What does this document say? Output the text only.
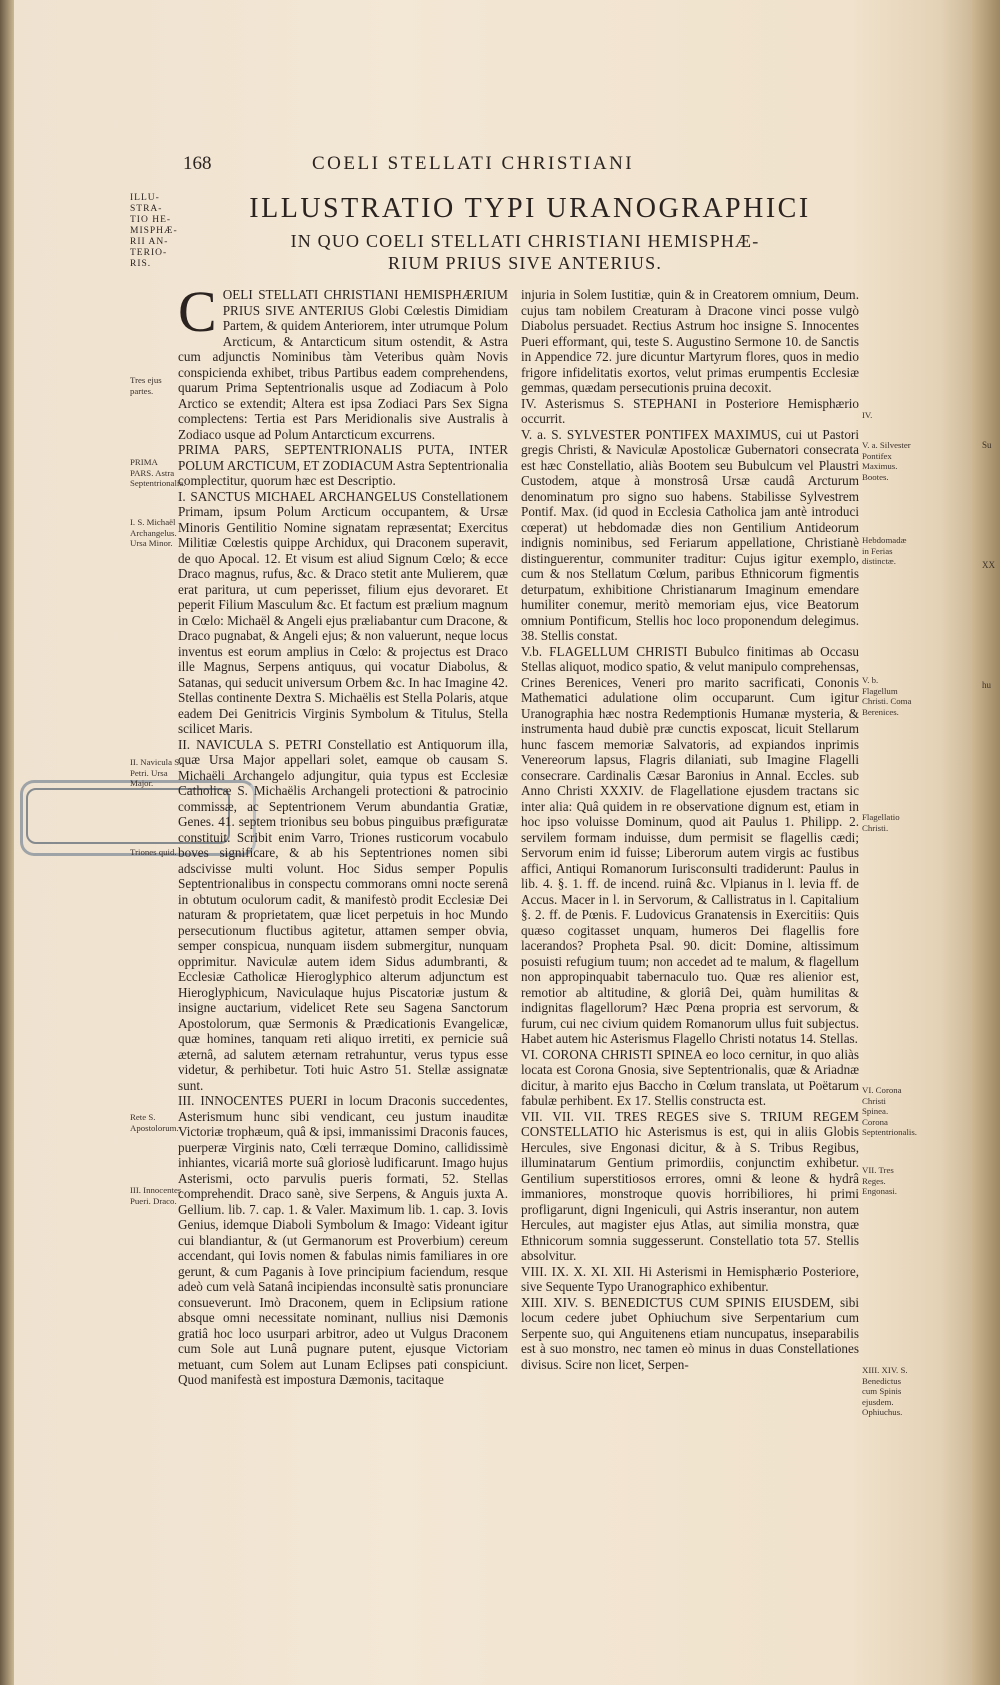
168	COELI STELLATI CHRISTIANI
ILLU-
STRA-
TIO HE-
MISPHÆ-
RII AN-
TERIO-
RIS.
ILLUSTRATIO TYPI URANOGRAPHICI
IN QUO COELI STELLATI CHRISTIANI HEMISPHÆ-
RIUM PRIUS SIVE ANTERIUS.

COELI STELLATI CHRISTIANI HEMISPHÆRIUM PRIUS SIVE ANTERIUS Globi Cœlestis Dimidiam Partem, & quidem Anteriorem, inter utrumque Polum Arcticum, & Antarcticum situm ostendit, & Astra cum adjunctis Nominibus tàm Veteribus quàm Novis conspicienda exhibet, tribus Partibus eadem comprehendens, quarum Prima Septentrionalis usque ad Zodiacum à Polo Arctico se extendit; Altera est ipsa Zodiaci Pars Sex Signa complectens: Tertia est Pars Meridionalis sive Australis à Zodiaco usque ad Polum Antarcticum excurrens.

PRIMA PARS, SEPTENTRIONALIS PUTA, INTER POLUM ARCTICUM, ET ZODIACUM Astra Septentrionalia complectitur, quorum hæc est Descriptio.

I. SANCTUS MICHAEL ARCHANGELUS Constellationem Primam, ipsum Polum Arcticum occupantem, & Ursæ Minoris Gentilitio Nomine signatam repræsentat; Exercitus Militiæ Cœlestis quippe Archidux, qui Draconem superavit, de quo Apocal. 12. Et visum est aliud Signum Cœlo; & ecce Draco magnus, rufus, &c. & Draco stetit ante Mulierem, quæ erat paritura, ut cum peperisset, filium ejus devoraret. Et peperit Filium Masculum &c. Et factum est prælium magnum in Cœlo: Michaël & Angeli ejus præliabantur cum Dracone, & Draco pugnabat, & Angeli ejus; & non valuerunt, neque locus inventus est eorum amplius in Cœlo: & projectus est Draco ille Magnus, Serpens antiquus, qui vocatur Diabolus, & Satanas, qui seducit universum Orbem &c. In hac Imagine 42. Stellas continente Dextra S. Michaëlis est Stella Polaris, atque eadem Dei Genitricis Virginis Symbolum & Titulus, Stella scilicet Maris.

II. NAVICULA S. PETRI Constellatio est Antiquorum illa, quæ Ursa Major appellari solet, eamque ob causam S. Michaëli Archangelo adjungitur, quia typus est Ecclesiæ Catholicæ S. Michaëlis Archangeli protectioni & patrocinio commissæ, ac Septentrionem Verum abundantia Gratiæ, Genes. 41. septem trionibus seu bobus pinguibus præfiguratæ constituit. Scribit enim Varro, Triones rusticorum vocabulo boves significare, & ab his Septentriones nomen sibi adscivisse multi volunt. Hoc Sidus semper Populis Septentrionalibus in conspectu commorans omni nocte serenâ in obtutum oculorum cadit, & manifestò prodit Ecclesiæ Dei naturam & proprietatem, quæ licet perpetuis in hoc Mundo persecutionum fluctibus agitetur, attamen semper obvia, semper conspicua, nunquam iisdem submergitur, nunquam opprimitur. Naviculæ autem idem Sidus adumbranti, & Ecclesiæ Catholicæ Hieroglyphico alterum adjunctum est Hieroglyphicum, Naviculaque hujus Piscatoriæ justum & insigne auctarium, videlicet Rete seu Sagena Sanctorum Apostolorum, quæ Sermonis & Prædicationis Evangelicæ, quæ homines, tanquam reti aliquo irretiti, ex pernicie suâ æternâ, ad salutem æternam retrahuntur, verus typus esse videtur, & perhibetur. Toti huic Astro 51. Stellæ assignatæ sunt.

III. INNOCENTES PUERI in locum Draconis succedentes, Asterismum hunc sibi vendicant, ceu justum inauditæ Victoriæ trophæum, quâ & ipsi, immanissimi Draconis fauces, puerperæ Virginis nato, Cœli terræque Domino, callidissimè inhiantes, vicariâ morte suâ gloriosè ludificarunt. Imago hujus Asterismi, octo parvulis pueris formati, 52. Stellas comprehendit. Draco sanè, sive Serpens, & Anguis juxta A. Gellium. lib. 7. cap. 1. & Valer. Maximum lib. 1. cap. 3. Iovis Genius, idemque Diaboli Symbolum & Imago: Videant igitur cui blandiantur, & (ut Germanorum est Proverbium) cereum accendant, qui Iovis nomen & fabulas nimis familiares in ore gerunt, & cum Paganis à Iove principium faciendum, resque adeò cum velà Satanâ incipiendas inconsultè satis pronunciare consueverunt. Imò Draconem, quem in Eclipsium ratione absque omni necessitate nominant, nullius nisi Dæmonis gratiâ hoc loco usurpari arbitror, adeo ut Vulgus Draconem cum Sole aut Lunâ pugnare putent, ejusque Victoriam metuant, cum Solem aut Lunam Eclipses pati conspiciunt. Quod manifestà est impostura Dæmonis, tacitaque

injuria in Solem Iustitiæ, quin & in Creatorem omnium, Deum. cujus tam nobilem Creaturam à Dracone vinci posse vulgò Diabolus persuadet. Rectius Astrum hoc insigne S. Innocentes Pueri efformant, qui, teste S. Augustino Sermone 10. de Sanctis in Appendice 72. jure dicuntur Martyrum flores, quos in medio frigore infidelitatis exortos, velut primas erumpentis Ecclesiæ gemmas, quædam persecutionis pruina decoxit.

IV. Asterismus S. STEPHANI in Posteriore Hemisphærio occurrit.

V. a. S. SYLVESTER PONTIFEX MAXIMUS, cui ut Pastori gregis Christi, & Naviculæ Apostolicæ Gubernatori consecrata est hæc Constellatio, aliàs Bootem seu Bubulcum vel Plaustri Custodem, atque à monstrosâ Ursæ caudâ Arcturum denominatum pro signo suo habens. Stabilisse Sylvestrem Pontif. Max. (id quod in Ecclesia Catholica jam antè introduci cœperat) ut hebdomadæ dies non Gentilium Antideorum indignis nominibus, sed Feriarum appellatione, Christianè distinguerentur, communiter traditur: Cujus igitur exemplo, cum & nos Stellatum Cœlum, paribus Ethnicorum figmentis deturpatum, exhibitione Christianarum Imaginum emendare humiliter conemur, meritò memoriam ejus, vice Beatorum omnium Pontificum, Stellis hoc loco proponendum delegimus. 38. Stellis constat.

V.b. FLAGELLUM CHRISTI Bubulco finitimas ab Occasu Stellas aliquot, modico spatio, & velut manipulo comprehensas, Crines Berenices, Veneri pro marito sacrificati, Cononis Mathematici adulatione olim occuparunt. Cum igitur Uranographia hæc nostra Redemptionis Humanæ mysteria, & instrumenta haud dubiè præ cunctis exposcat, licuit Stellarum hunc fascem memoriæ Salvatoris, ad expiandos inprimis Venereorum lapsus, Flagris dilaniati, sub Imagine Flagelli consecrare. Cardinalis Cæsar Baronius in Annal. Eccles. sub Anno Christi XXXIV. de Flagellatione ejusdem tractans sic inter alia: Quâ quidem in re observatione dignum est, etiam in hoc ipso voluisse Dominum, quod ait Paulus 1. Philipp. 2. servilem formam induisse, dum permisit se flagellis cædi; Servorum enim id fuisse; Liberorum autem virgis ac fustibus affici, Antiqui Romanorum Iurisconsulti tradiderunt: Paulus in lib. 4. §. 1. ff. de incend. ruinâ &c. Vlpianus in l. levia ff. de Accus. Macer in l. in Servorum, & Callistratus in l. Capitalium §. 2. ff. de Pœnis. F. Ludovicus Granatensis in Exercitiis: Quis quæso cogitasset unquam, humeros Dei flagellis fore lacerandos? Propheta Psal. 90. dicit: Domine, altissimum posuisti refugium tuum; non accedet ad te malum, & flagellum non appropinquabit tabernaculo tuo. Quæ res alienior est, remotior ab altitudine, & gloriâ Dei, quàm humilitas & indignitas flagellorum? Hæc Pœna propria est servorum, & furum, cui nec civium quidem Romanorum ullus fuit subjectus. Habet autem hic Asterismus Flagello Christi notatus 14. Stellas.

VI. CORONA CHRISTI SPINEA eo loco cernitur, in quo aliàs locata est Corona Gnosia, sive Septentrionalis, quæ & Ariadnæ dicitur, à marito ejus Baccho in Cœlum translata, ut Poëtarum fabulæ perhibent. Ex 17. Stellis constructa est.

VII. VII. VII. TRES REGES sive S. TRIUM REGEM CONSTELLATIO hic Asterismus is est, qui in aliis Globis Hercules, sive Engonasi dicitur, & à S. Tribus Regibus, illuminatarum Gentium primordiis, conjunctim exhibetur. Gentilium superstitiosos errores, omni & leone & hydrâ immaniores, monstroque quovis horribiliores, hi primi profligarunt, digni Ingeniculi, qui Astris inserantur, non autem Hercules, aut magister ejus Atlas, aut similia monstra, quæ Ethnicorum somnia suggesserunt. Constellatio tota 57. Stellis absolvitur.

VIII. IX. X. XI. XII. Hi Asterismi in Hemisphærio Posteriore, sive Sequente Typo Uranographico exhibentur.

XIII. XIV. S. BENEDICTUS CUM SPINIS EIUSDEM, sibi locum cedere jubet Ophiuchum sive Serpentarium cum Serpente suo, qui Anguitenens etiam nuncupatus, inseparabilis est à suo monstro, nec tamen eò minus in duas Constellationes divisus. Scire non licet, Serpen-

Tres ejus partes.
PRIMA PARS. Astra Septentrionalia.
I. S. Michaël Archangelus. Ursa Minor.
II. Navicula S. Petri. Ursa Major.
Triones quid.
Rete S. Apostolorum.
III. Innocentes Pueri. Draco.
IV.
V. a. Silvester Pontifex Maximus. Bootes.
Hebdomadæ in Ferias distinctæ.
V. b. Flagellum Christi. Coma Berenices.
Flagellatio Christi.
VI. Corona Christi Spinea. Corona Septentrionalis.
VII. Tres Reges. Engonasi.
XIII. XIV. S. Benedictus cum Spinis ejusdem. Ophiuchus.
Su
XX
hu
